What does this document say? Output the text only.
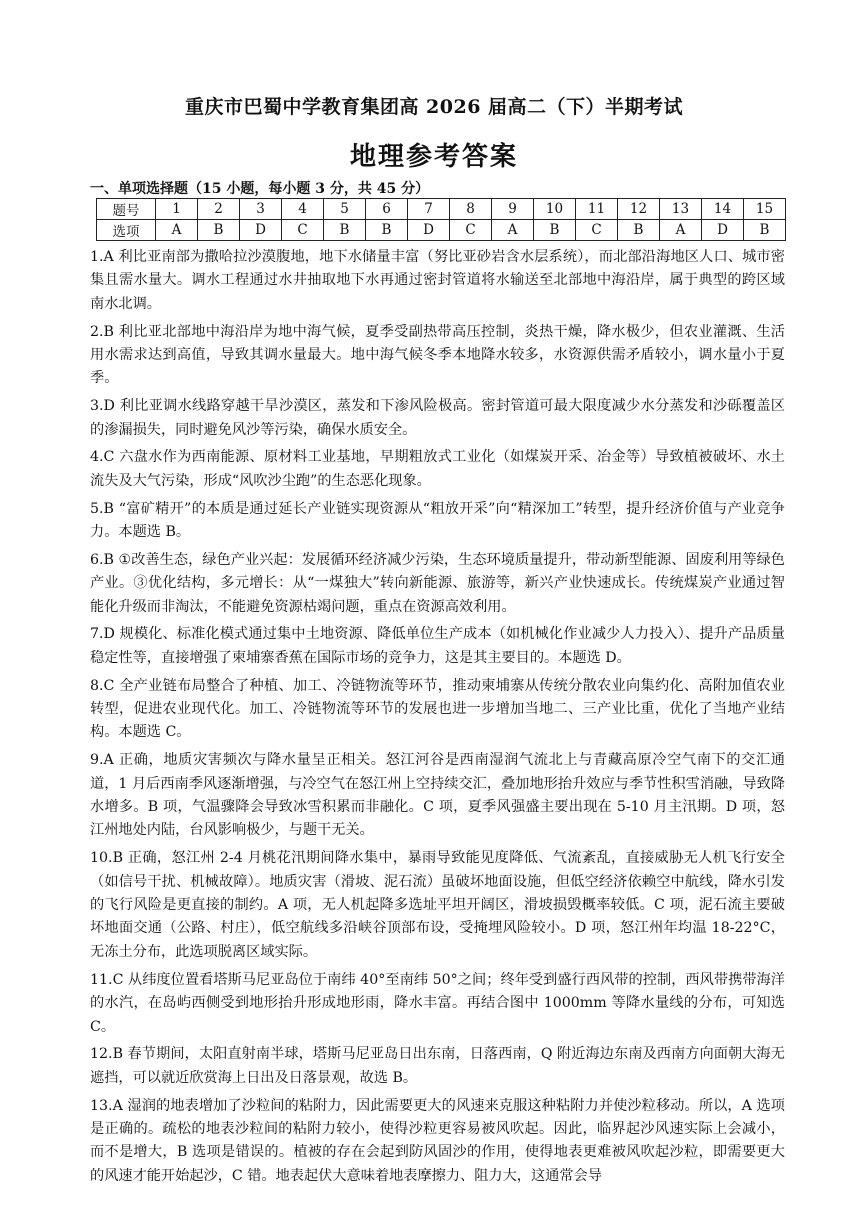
重庆市巴蜀中学教育集团高 2026 届高二（下）半期考试
地理参考答案
一、单项选择题（15 小题，每小题 3 分，共 45 分）
题号	1	2	3	4	5	6	7	8	9	10	11	12	13	14	15
选项	A	B	D	C	B	B	D	C	A	B	C	B	A	D	B

1.A 利比亚南部为撒哈拉沙漠腹地，地下水储量丰富（努比亚砂岩含水层系统），而北部沿海地区人口、城市密集且需水量大。调水工程通过水井抽取地下水再通过密封管道将水输送至北部地中海沿岸，属于典型的跨区域南水北调。

2.B 利比亚北部地中海沿岸为地中海气候，夏季受副热带高压控制，炎热干燥，降水极少，但农业灌溉、生活用水需求达到高值，导致其调水量最大。地中海气候冬季本地降水较多，水资源供需矛盾较小，调水量小于夏季。

3.D 利比亚调水线路穿越干旱沙漠区，蒸发和下渗风险极高。密封管道可最大限度减少水分蒸发和沙砾覆盖区的渗漏损失，同时避免风沙等污染，确保水质安全。

4.C 六盘水作为西南能源、原材料工业基地，早期粗放式工业化（如煤炭开采、冶金等）导致植被破坏、水土流失及大气污染，形成“风吹沙尘跑”的生态恶化现象。

5.B “富矿精开”的本质是通过延长产业链实现资源从“粗放开采”向“精深加工”转型，提升经济价值与产业竞争力。本题选 B。

6.B ①改善生态，绿色产业兴起：发展循环经济减少污染，生态环境质量提升，带动新型能源、固废利用等绿色产业。③优化结构，多元增长：从“一煤独大”转向新能源、旅游等，新兴产业快速成长。传统煤炭产业通过智能化升级而非淘汰，不能避免资源枯竭问题，重点在资源高效利用。

7.D 规模化、标准化模式通过集中土地资源、降低单位生产成本（如机械化作业减少人力投入）、提升产品质量稳定性等，直接增强了柬埔寨香蕉在国际市场的竞争力，这是其主要目的。本题选 D。

8.C 全产业链布局整合了种植、加工、冷链物流等环节，推动柬埔寨从传统分散农业向集约化、高附加值农业转型，促进农业现代化。加工、冷链物流等环节的发展也进一步增加当地二、三产业比重，优化了当地产业结构。本题选 C。

9.A 正确，地质灾害频次与降水量呈正相关。怒江河谷是西南湿润气流北上与青藏高原冷空气南下的交汇通道，1 月后西南季风逐渐增强，与冷空气在怒江州上空持续交汇，叠加地形抬升效应与季节性积雪消融，导致降水增多。B 项，气温骤降会导致冰雪积累而非融化。C 项，夏季风强盛主要出现在 5-10 月主汛期。D 项，怒江州地处内陆，台风影响极少，与题干无关。

10.B 正确，怒江州 2-4 月桃花汛期间降水集中，暴雨导致能见度降低、气流紊乱，直接威胁无人机飞行安全（如信号干扰、机械故障）。地质灾害（滑坡、泥石流）虽破坏地面设施，但低空经济依赖空中航线，降水引发的飞行风险是更直接的制约。A 项，无人机起降多选址平坦开阔区，滑坡损毁概率较低。C 项，泥石流主要破坏地面交通（公路、村庄），低空航线多沿峡谷顶部布设，受掩埋风险较小。D 项，怒江州年均温 18-22°C，无冻土分布，此选项脱离区域实际。

11.C 从纬度位置看塔斯马尼亚岛位于南纬 40°至南纬 50°之间；终年受到盛行西风带的控制，西风带携带海洋的水汽，在岛屿西侧受到地形抬升形成地形雨，降水丰富。再结合图中 1000mm 等降水量线的分布，可知选 C。

12.B 春节期间，太阳直射南半球，塔斯马尼亚岛日出东南，日落西南，Q 附近海边东南及西南方向面朝大海无遮挡，可以就近欣赏海上日出及日落景观，故选 B。

13.A 湿润的地表增加了沙粒间的粘附力，因此需要更大的风速来克服这种粘附力并使沙粒移动。所以，A 选项是正确的。疏松的地表沙粒间的粘附力较小，使得沙粒更容易被风吹起。因此，临界起沙风速实际上会减小，而不是增大，B 选项是错误的。植被的存在会起到防风固沙的作用，使得地表更难被风吹起沙粒，即需要更大的风速才能开始起沙，C 错。地表起伏大意味着地表摩擦力、阻力大，这通常会导
